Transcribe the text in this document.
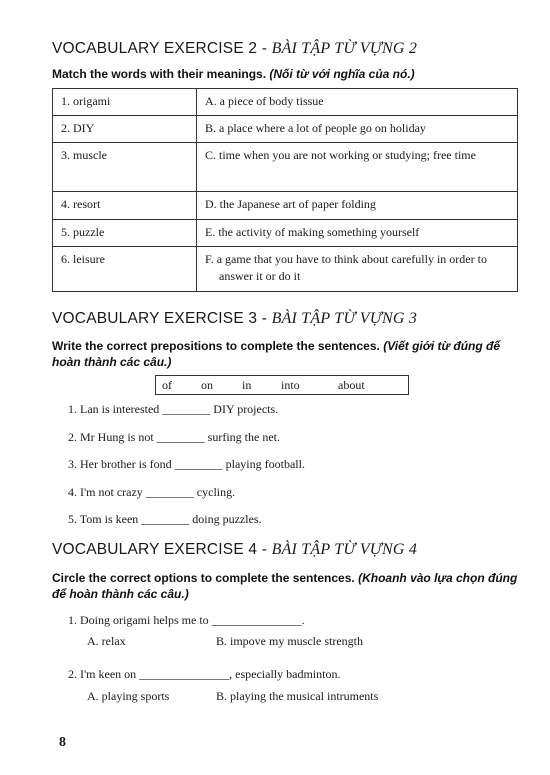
VOCABULARY EXERCISE 2 - BÀI TẬP TỪ VỰNG 2
Match the words with their meanings. (Nối từ với nghĩa của nó.)
1. origami	A. a piece of body tissue

2. DIY	B. a place where a lot of people go on holiday

3. muscle	C. time when you are not working or studying; free time

4. resort	D. the Japanese art of paper folding

5. puzzle	E. the activity of making something yourself

6. leisure	F. a game that you have to think about carefully in order to answer it or do it
VOCABULARY EXERCISE 3 - BÀI TẬP TỪ VỰNG 3
Write the correct prepositions to complete the sentences. (Viết giới từ đúng để hoàn thành các câu.)
of on in into	about
1. Lan is interested ________ DIY projects.
2. Mr Hung is not ________ surfing the net.
3. Her brother is fond ________ playing football.
4. I'm not crazy ________ cycling.
5. Tom is keen ________ doing puzzles.
VOCABULARY EXERCISE 4 - BÀI TẬP TỪ VỰNG 4
Circle the correct options to complete the sentences. (Khoanh vào lựa chọn đúng để hoàn thành các câu.)
1. Doing origami helps me to _______________.
A. relax	B. impove my muscle strength
2. I'm keen on _______________, especially badminton.
A. playing sports	B. playing the musical intruments
8
